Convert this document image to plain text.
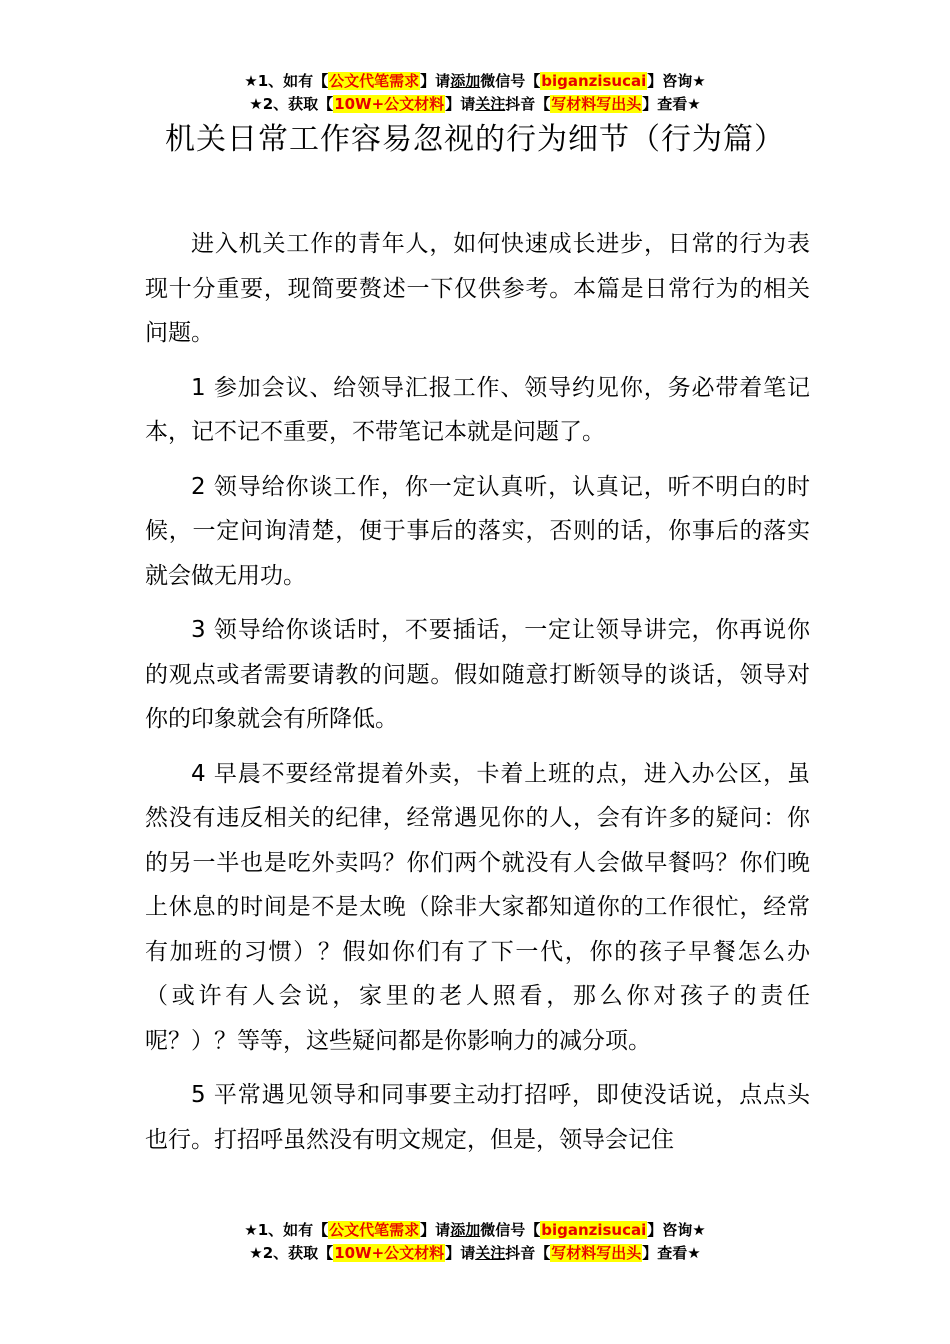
★1、如有【公文代笔需求】请添加微信号【biganzisucai】咨询★
★2、获取【10W+公文材料】请关注抖音【写材料写出头】查看★
机关日常工作容易忽视的行为细节（行为篇）

进入机关工作的青年人，如何快速成长进步，日常的行为表现十分重要，现简要赘述一下仅供参考。本篇是日常行为的相关问题。

1 参加会议、给领导汇报工作、领导约见你，务必带着笔记本，记不记不重要，不带笔记本就是问题了。

2 领导给你谈工作，你一定认真听，认真记，听不明白的时候，一定问询清楚，便于事后的落实，否则的话，你事后的落实就会做无用功。

3 领导给你谈话时，不要插话，一定让领导讲完，你再说你的观点或者需要请教的问题。假如随意打断领导的谈话，领导对你的印象就会有所降低。

4 早晨不要经常提着外卖，卡着上班的点，进入办公区，虽然没有违反相关的纪律，经常遇见你的人，会有许多的疑问：你的另一半也是吃外卖吗？你们两个就没有人会做早餐吗？你们晚上休息的时间是不是太晚（除非大家都知道你的工作很忙，经常有加班的习惯）？假如你们有了下一代，你的孩子早餐怎么办（或许有人会说，家里的老人照看，那么你对孩子的责任呢？）？等等，这些疑问都是你影响力的减分项。

5 平常遇见领导和同事要主动打招呼，即使没话说，点点头也行。打招呼虽然没有明文规定，但是，领导会记住

★1、如有【公文代笔需求】请添加微信号【biganzisucai】咨询★
★2、获取【10W+公文材料】请关注抖音【写材料写出头】查看★
